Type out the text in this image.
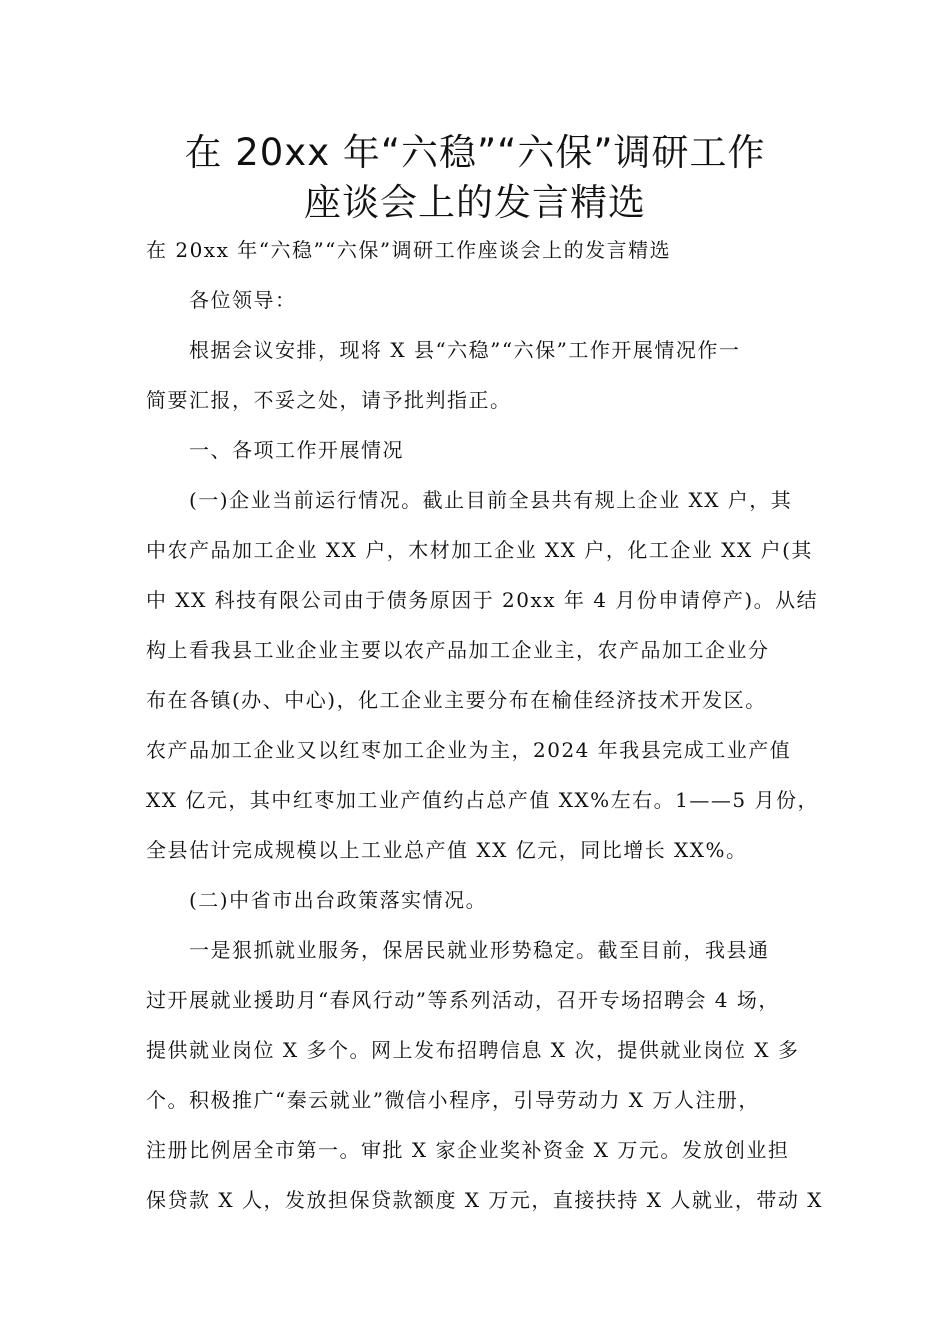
在 20xx 年“六稳”“六保”调研工作
座谈会上的发言精选

在 20xx 年“六稳”“六保”调研工作座谈会上的发言精选

　　各位领导：

　　根据会议安排，现将 X 县“六稳”“六保”工作开展情况作一

简要汇报，不妥之处，请予批判指正。

　　一、各项工作开展情况

　　(一)企业当前运行情况。截止目前全县共有规上企业 XX 户，其

中农产品加工企业 XX 户，木材加工企业 XX 户，化工企业 XX 户(其

中 XX 科技有限公司由于债务原因于 20xx 年 4 月份申请停产)。从结

构上看我县工业企业主要以农产品加工企业主，农产品加工企业分

布在各镇(办、中心)，化工企业主要分布在榆佳经济技术开发区。

农产品加工企业又以红枣加工企业为主，2024 年我县完成工业产值

XX 亿元，其中红枣加工业产值约占总产值 XX%左右。1——5 月份，

全县估计完成规模以上工业总产值 XX 亿元，同比增长 XX%。

　　(二)中省市出台政策落实情况。

　　一是狠抓就业服务，保居民就业形势稳定。截至目前，我县通

过开展就业援助月“春风行动”等系列活动，召开专场招聘会 4 场，

提供就业岗位 X 多个。网上发布招聘信息 X 次，提供就业岗位 X 多

个。积极推广“秦云就业”微信小程序，引导劳动力 X 万人注册，

注册比例居全市第一。审批 X 家企业奖补资金 X 万元。发放创业担

保贷款 X 人，发放担保贷款额度 X 万元，直接扶持 X 人就业，带动 X
